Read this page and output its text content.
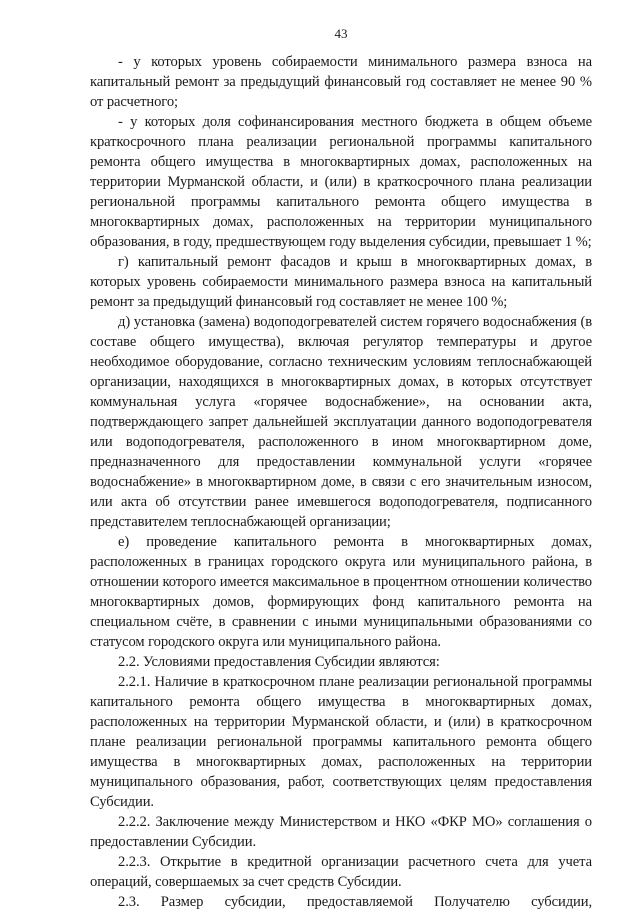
43

- у которых уровень собираемости минимального размера взноса на капитальный ремонт за предыдущий финансовый год составляет не менее 90 % от расчетного;

- у которых доля софинансирования местного бюджета в общем объеме краткосрочного плана реализации региональной программы капитального ремонта общего имущества в многоквартирных домах, расположенных на территории Мурманской области, и (или) в краткосрочного плана реализации региональной программы капитального ремонта общего имущества в многоквартирных домах, расположенных на территории муниципального образования, в году, предшествующем году выделения субсидии, превышает 1 %;

г) капитальный ремонт фасадов и крыш в многоквартирных домах, в которых уровень собираемости минимального размера взноса на капитальный ремонт за предыдущий финансовый год составляет не менее 100 %;

д) установка (замена) водоподогревателей систем горячего водоснабжения (в составе общего имущества), включая регулятор температуры и другое необходимое оборудование, согласно техническим условиям теплоснабжающей организации, находящихся в многоквартирных домах, в которых отсутствует коммунальная услуга «горячее водоснабжение», на основании акта, подтверждающего запрет дальнейшей эксплуатации данного водоподогревателя или водоподогревателя, расположенного в ином многоквартирном доме, предназначенного для предоставлении коммунальной услуги «горячее водоснабжение» в многоквартирном доме, в связи с его значительным износом, или акта об отсутствии ранее имевшегося водоподогревателя, подписанного представителем теплоснабжающей организации;

е) проведение капитального ремонта в многоквартирных домах, расположенных в границах городского округа или муниципального района, в отношении которого имеется максимальное в процентном отношении количество многоквартирных домов, формирующих фонд капитального ремонта на специальном счёте, в сравнении с иными муниципальными образованиями со статусом городского округа или муниципального района.

2.2. Условиями предоставления Субсидии являются:

2.2.1. Наличие в краткосрочном плане реализации региональной программы капитального ремонта общего имущества в многоквартирных домах, расположенных на территории Мурманской области, и (или) в краткосрочном плане реализации региональной программы капитального ремонта общего имущества в многоквартирных домах, расположенных на территории муниципального образования, работ, соответствующих целям предоставления Субсидии.

2.2.2. Заключение между Министерством и НКО «ФКР МО» соглашения о предоставлении Субсидии.

2.2.3. Открытие в кредитной организации расчетного счета для учета операций, совершаемых за счет средств Субсидии.

2.3. Размер субсидии, предоставляемой Получателю субсидии,
